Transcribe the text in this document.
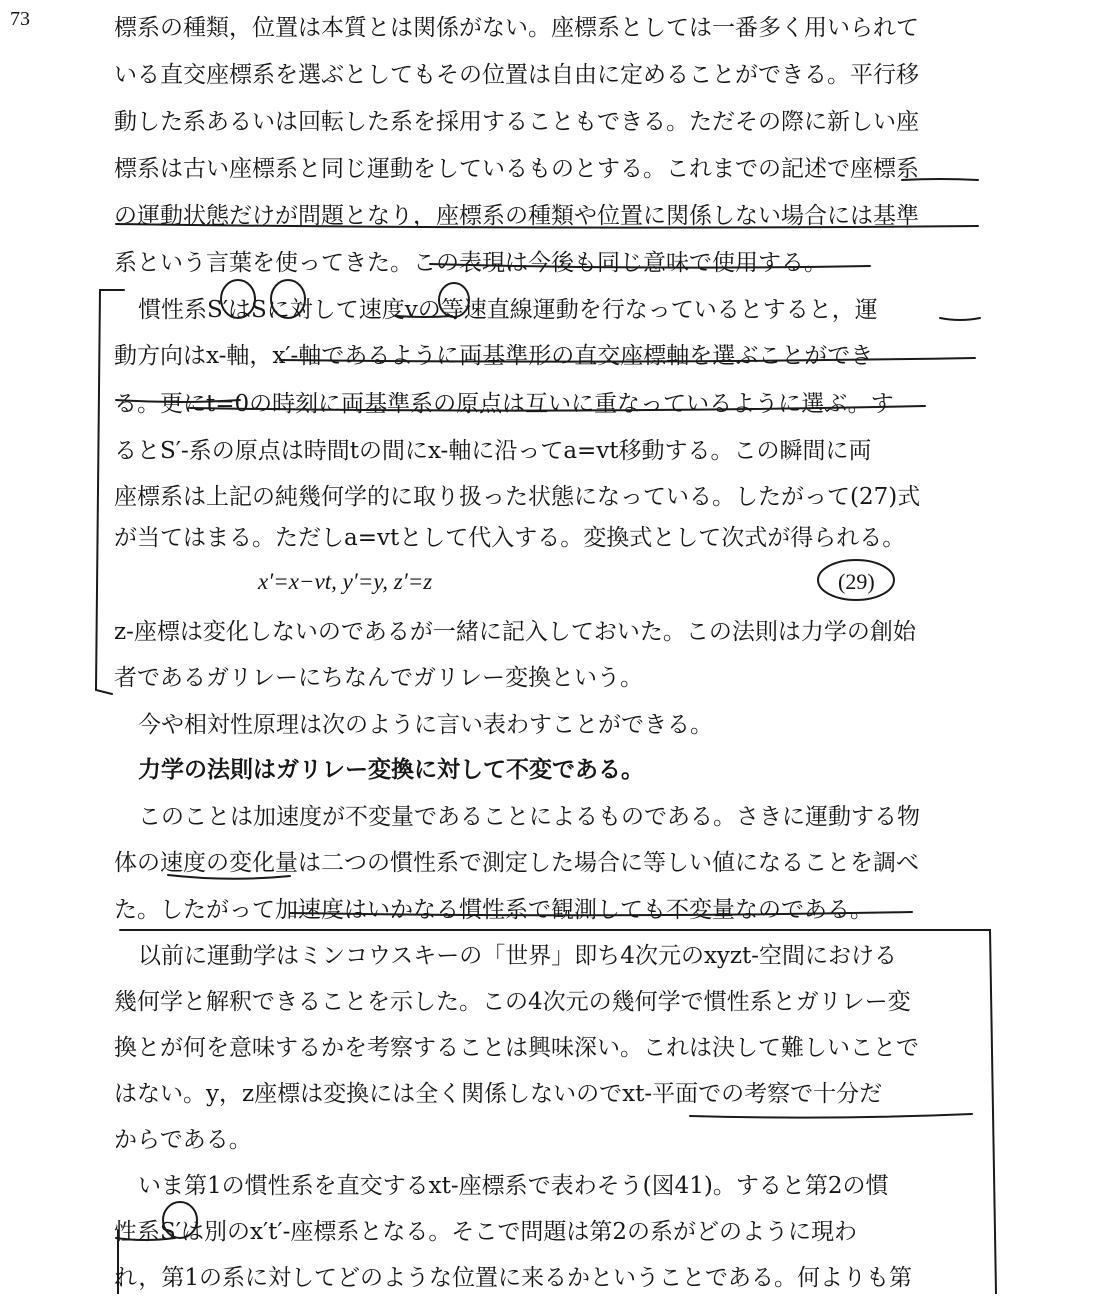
73	標系の種類，位置は本質とは関係がない。座標系としては一番多く用いられて
いる直交座標系を選ぶとしてもその位置は自由に定めることができる。平行移
動した系あるいは回転した系を採用することもできる。ただその際に新しい座
標系は古い座標系と同じ運動をしているものとする。これまでの記述で座標系
の運動状態だけが問題となり，座標系の種類や位置に関係しない場合には基準
系という言葉を使ってきた。この表現は今後も同じ意味で使用する。
慣性系S′はSに対して速度vの等速直線運動を行なっているとすると，運
動方向はx-軸，x′-軸であるように両基準形の直交座標軸を選ぶことができ
る。更にt=0の時刻に両基準系の原点は互いに重なっているように選ぶ。す
るとS′-系の原点は時間tの間にx-軸に沿ってa=vt移動する。この瞬間に両
座標系は上記の純幾何学的に取り扱った状態になっている。したがって(27)式
が当てはまる。ただしa=vtとして代入する。変換式として次式が得られる。
z-座標は変化しないのであるが一緒に記入しておいた。この法則は力学の創始
者であるガリレーにちなんでガリレー変換という。
今や相対性原理は次のように言い表わすことができる。
力学の法則はガリレー変換に対して不変である。
このことは加速度が不変量であることによるものである。さきに運動する物
体の速度の変化量は二つの慣性系で測定した場合に等しい値になることを調べ
た。したがって加速度はいかなる慣性系で観測しても不変量なのである。
以前に運動学はミンコウスキーの「世界」即ち4次元のxyzt-空間における
幾何学と解釈できることを示した。この4次元の幾何学で慣性系とガリレー変
換とが何を意味するかを考察することは興味深い。これは決して難しいことで
はない。y，z座標は変換には全く関係しないのでxt-平面での考察で十分だ
からである。
いま第1の慣性系を直交するxt-座標系で表わそう(図41)。すると第2の慣
性系S′は別のx′t′-座標系となる。そこで問題は第2の系がどのように現わ
れ，第1の系に対してどのような位置に来るかということである。何よりも第
x′=x−vt, y′=y, z′=z	(29)
